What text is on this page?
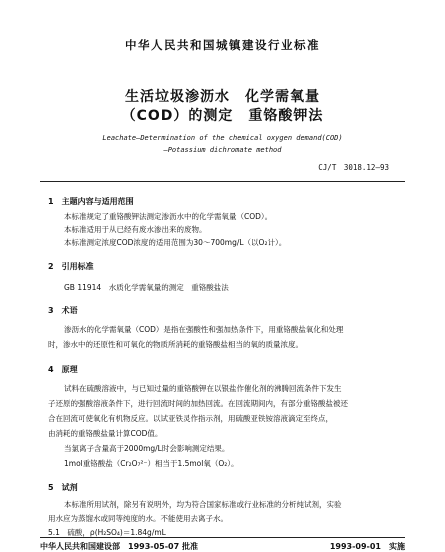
中华人民共和国城镇建设行业标准
生活垃圾渗沥水　化学需氧量
（COD）的测定　重铬酸钾法
Leachate—Determination of the chemical oxygen demand(COD)
—Potassium dichromate method
CJ/T　3018.12—93
1　主题内容与适用范围
本标准规定了重铬酸钾法测定渗沥水中的化学需氧量（COD）。
本标准适用于从已经有废水渗出来的废物。
本标准测定浓度COD浓度的适用范围为30～700mg/L（以O₂计）。
2　引用标准
GB 11914　水质化学需氧量的测定　重铬酸盐法
3　术语
渗沥水的化学需氧量（COD）是指在强酸性和强加热条件下，用重铬酸盐氧化和处理
时，渗水中的还原性和可氧化的物质所消耗的重铬酸盐相当的氧的质量浓度。
4　原理
试料在硫酸溶液中，与已知过量的重铬酸钾在以银盐作催化剂的沸腾回流条件下发生
子还原的强酸溶液条件下，进行回流时间的加热回流。在回流期间内，有部分重铬酸盐被还
合在回流可使氧化有机物反应。以试亚铁灵作指示剂，用硫酸亚铁铵溶液滴定至终点，
由消耗的重铬酸盐量计算COD值。
当氯离子含量高于2000mg/L时会影响测定结果。
1mol重铬酸盐（Cr₂O₇²⁻）相当于1.5mol氧（O₂）。
5　试剂
本标准所用试剂，除另有说明外，均为符合国家标准或行业标准的分析纯试剂，实验
用水应为蒸馏水或同等纯度的水。不能使用去离子水。
5.1　硫酸，ρ(H₂SO₄)＝1.84g/mL
中华人民共和国建设部　1993-05-07 批准	1993-09-01　实施
